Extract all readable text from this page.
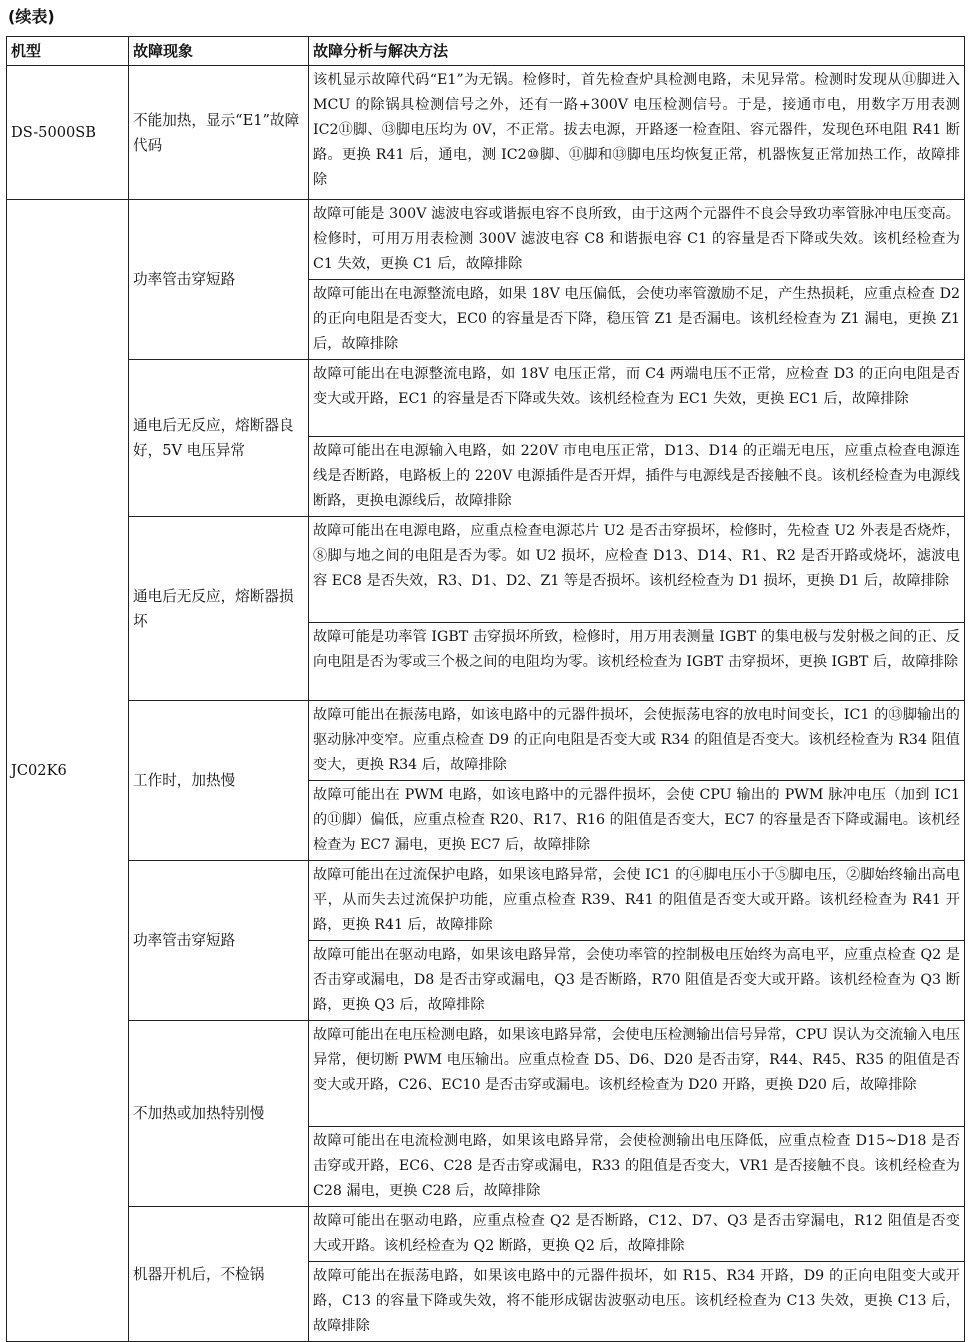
(续表)
机型	故障现象	故障分析与解决方法
DS-5000SB	不能加热，显示“E1”故障代码	该机显示故障代码“E1”为无锅。检修时，首先检查炉具检测电路，未见异常。检测时发现从⑪脚进入 MCU 的除锅具检测信号之外，还有一路+300V 电压检测信号。于是，接通市电，用数字万用表测 IC2⑪脚、⑬脚电压均为 0V，不正常。拔去电源，开路逐一检查阻、容元器件，发现色环电阻 R41 断路。更换 R41 后，通电，测 IC2⑩脚、⑪脚和⑬脚电压均恢复正常，机器恢复正常加热工作，故障排除
JC02K6	功率管击穿短路	故障可能是 300V 滤波电容或谐振电容不良所致，由于这两个元器件不良会导致功率管脉冲电压变高。检修时，可用万用表检测 300V 滤波电容 C8 和谐振电容 C1 的容量是否下降或失效。该机经检查为 C1 失效，更换 C1 后，故障排除
		故障可能出在电源整流电路，如果 18V 电压偏低，会使功率管激励不足，产生热损耗，应重点检查 D2 的正向电阻是否变大，EC0 的容量是否下降，稳压管 Z1 是否漏电。该机经检查为 Z1 漏电，更换 Z1 后，故障排除
	通电后无反应，熔断器良好，5V 电压异常	故障可能出在电源整流电路，如 18V 电压正常，而 C4 两端电压不正常，应检查 D3 的正向电阻是否变大或开路，EC1 的容量是否下降或失效。该机经检查为 EC1 失效，更换 EC1 后，故障排除
		故障可能出在电源输入电路，如 220V 市电电压正常，D13、D14 的正端无电压，应重点检查电源连线是否断路，电路板上的 220V 电源插件是否开焊，插件与电源线是否接触不良。该机经检查为电源线断路，更换电源线后，故障排除
	通电后无反应，熔断器损坏	故障可能出在电源电路，应重点检查电源芯片 U2 是否击穿损坏，检修时，先检查 U2 外表是否烧炸，⑧脚与地之间的电阻是否为零。如 U2 损坏，应检查 D13、D14、R1、R2 是否开路或烧坏，滤波电容 EC8 是否失效，R3、D1、D2、Z1 等是否损坏。该机经检查为 D1 损坏，更换 D1 后，故障排除
		故障可能是功率管 IGBT 击穿损坏所致，检修时，用万用表测量 IGBT 的集电极与发射极之间的正、反向电阻是否为零或三个极之间的电阻均为零。该机经检查为 IGBT 击穿损坏，更换 IGBT 后，故障排除
	工作时，加热慢	故障可能出在振荡电路，如该电路中的元器件损坏，会使振荡电容的放电时间变长，IC1 的⑬脚输出的驱动脉冲变窄。应重点检查 D9 的正向电阻是否变大或 R34 的阻值是否变大。该机经检查为 R34 阻值变大，更换 R34 后，故障排除
		故障可能出在 PWM 电路，如该电路中的元器件损坏，会使 CPU 输出的 PWM 脉冲电压（加到 IC1 的⑪脚）偏低，应重点检查 R20、R17、R16 的阻值是否变大，EC7 的容量是否下降或漏电。该机经检查为 EC7 漏电，更换 EC7 后，故障排除
	功率管击穿短路	故障可能出在过流保护电路，如果该电路异常，会使 IC1 的④脚电压小于⑤脚电压，②脚始终输出高电平，从而失去过流保护功能，应重点检查 R39、R41 的阻值是否变大或开路。该机经检查为 R41 开路，更换 R41 后，故障排除
		故障可能出在驱动电路，如果该电路异常，会使功率管的控制极电压始终为高电平，应重点检查 Q2 是否击穿或漏电，D8 是否击穿或漏电，Q3 是否断路，R70 阻值是否变大或开路。该机经检查为 Q3 断路，更换 Q3 后，故障排除
	不加热或加热特别慢	故障可能出在电压检测电路，如果该电路异常，会使电压检测输出信号异常，CPU 误认为交流输入电压异常，便切断 PWM 电压输出。应重点检查 D5、D6、D20 是否击穿，R44、R45、R35 的阻值是否变大或开路，C26、EC10 是否击穿或漏电。该机经检查为 D20 开路，更换 D20 后，故障排除
		故障可能出在电流检测电路，如果该电路异常，会使检测输出电压降低，应重点检查 D15~D18 是否击穿或开路，EC6、C28 是否击穿或漏电，R33 的阻值是否变大，VR1 是否接触不良。该机经检查为 C28 漏电，更换 C28 后，故障排除
	机器开机后，不检锅	故障可能出在驱动电路，应重点检查 Q2 是否断路，C12、D7、Q3 是否击穿漏电，R12 阻值是否变大或开路。该机经检查为 Q2 断路，更换 Q2 后，故障排除
		故障可能出在振荡电路，如果该电路中的元器件损坏，如 R15、R34 开路，D9 的正向电阻变大或开路，C13 的容量下降或失效，将不能形成锯齿波驱动电压。该机经检查为 C13 失效，更换 C13 后，故障排除
